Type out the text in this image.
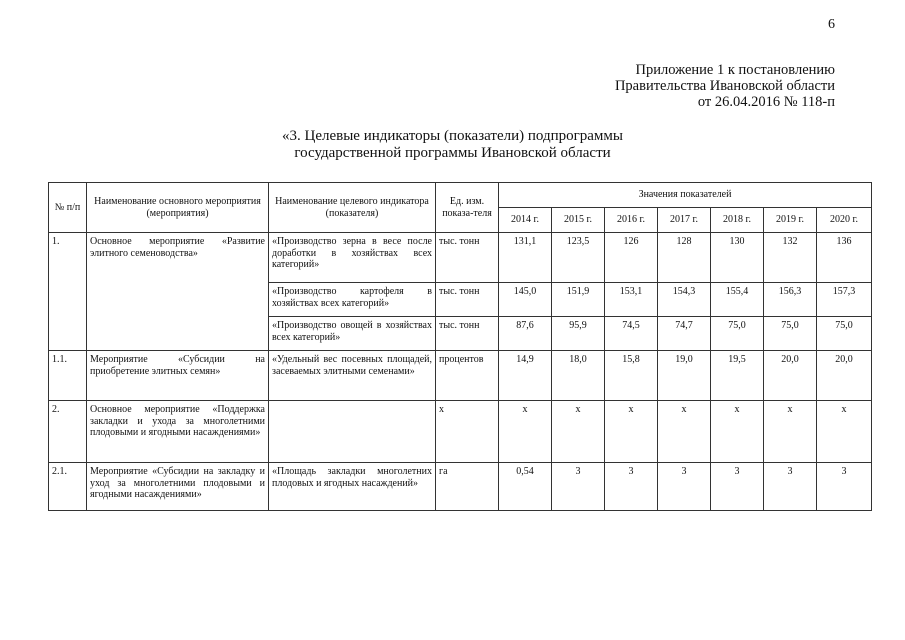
6
Приложение 1 к постановлению
Правительства Ивановской области
от 26.04.2016 № 118-п
«3. Целевые индикаторы (показатели) подпрограммы
государственной программы Ивановской области
№ п/п	Наименование основного мероприятия (мероприятия)	Наименование целевого индикатора (показателя)	Ед. изм. показа-теля	Значения показателей						
				2014 г.	2015 г.	2016 г.	2017 г.	2018 г.	2019 г.	2020 г.
1.	Основное мероприятие «Развитие элитного семеноводства»	«Производство зерна в весе после доработки в хозяйствах всех категорий»	тыс. тонн	131,1	123,5	126	128	130	132	136
		«Производство картофеля в хозяйствах всех категорий»	тыс. тонн	145,0	151,9	153,1	154,3	155,4	156,3	157,3
		«Производство овощей в хозяйствах всех категорий»	тыс. тонн	87,6	95,9	74,5	74,7	75,0	75,0	75,0
1.1.	Мероприятие «Субсидии на приобретение элитных семян»	«Удельный вес посевных площадей, засеваемых элитными семенами»	процентов	14,9	18,0	15,8	19,0	19,5	20,0	20,0
2.	Основное мероприятие «Поддержка закладки и ухода за многолетними плодовыми и ягодными насаждениями»		х	х	х	х	х	х	х	х
2.1.	Мероприятие «Субсидии на закладку и уход за многолетними плодовыми и ягодными насаждениями»	«Площадь закладки многолетних плодовых и ягодных насаждений»	га	0,54	3	3	3	3	3	3
